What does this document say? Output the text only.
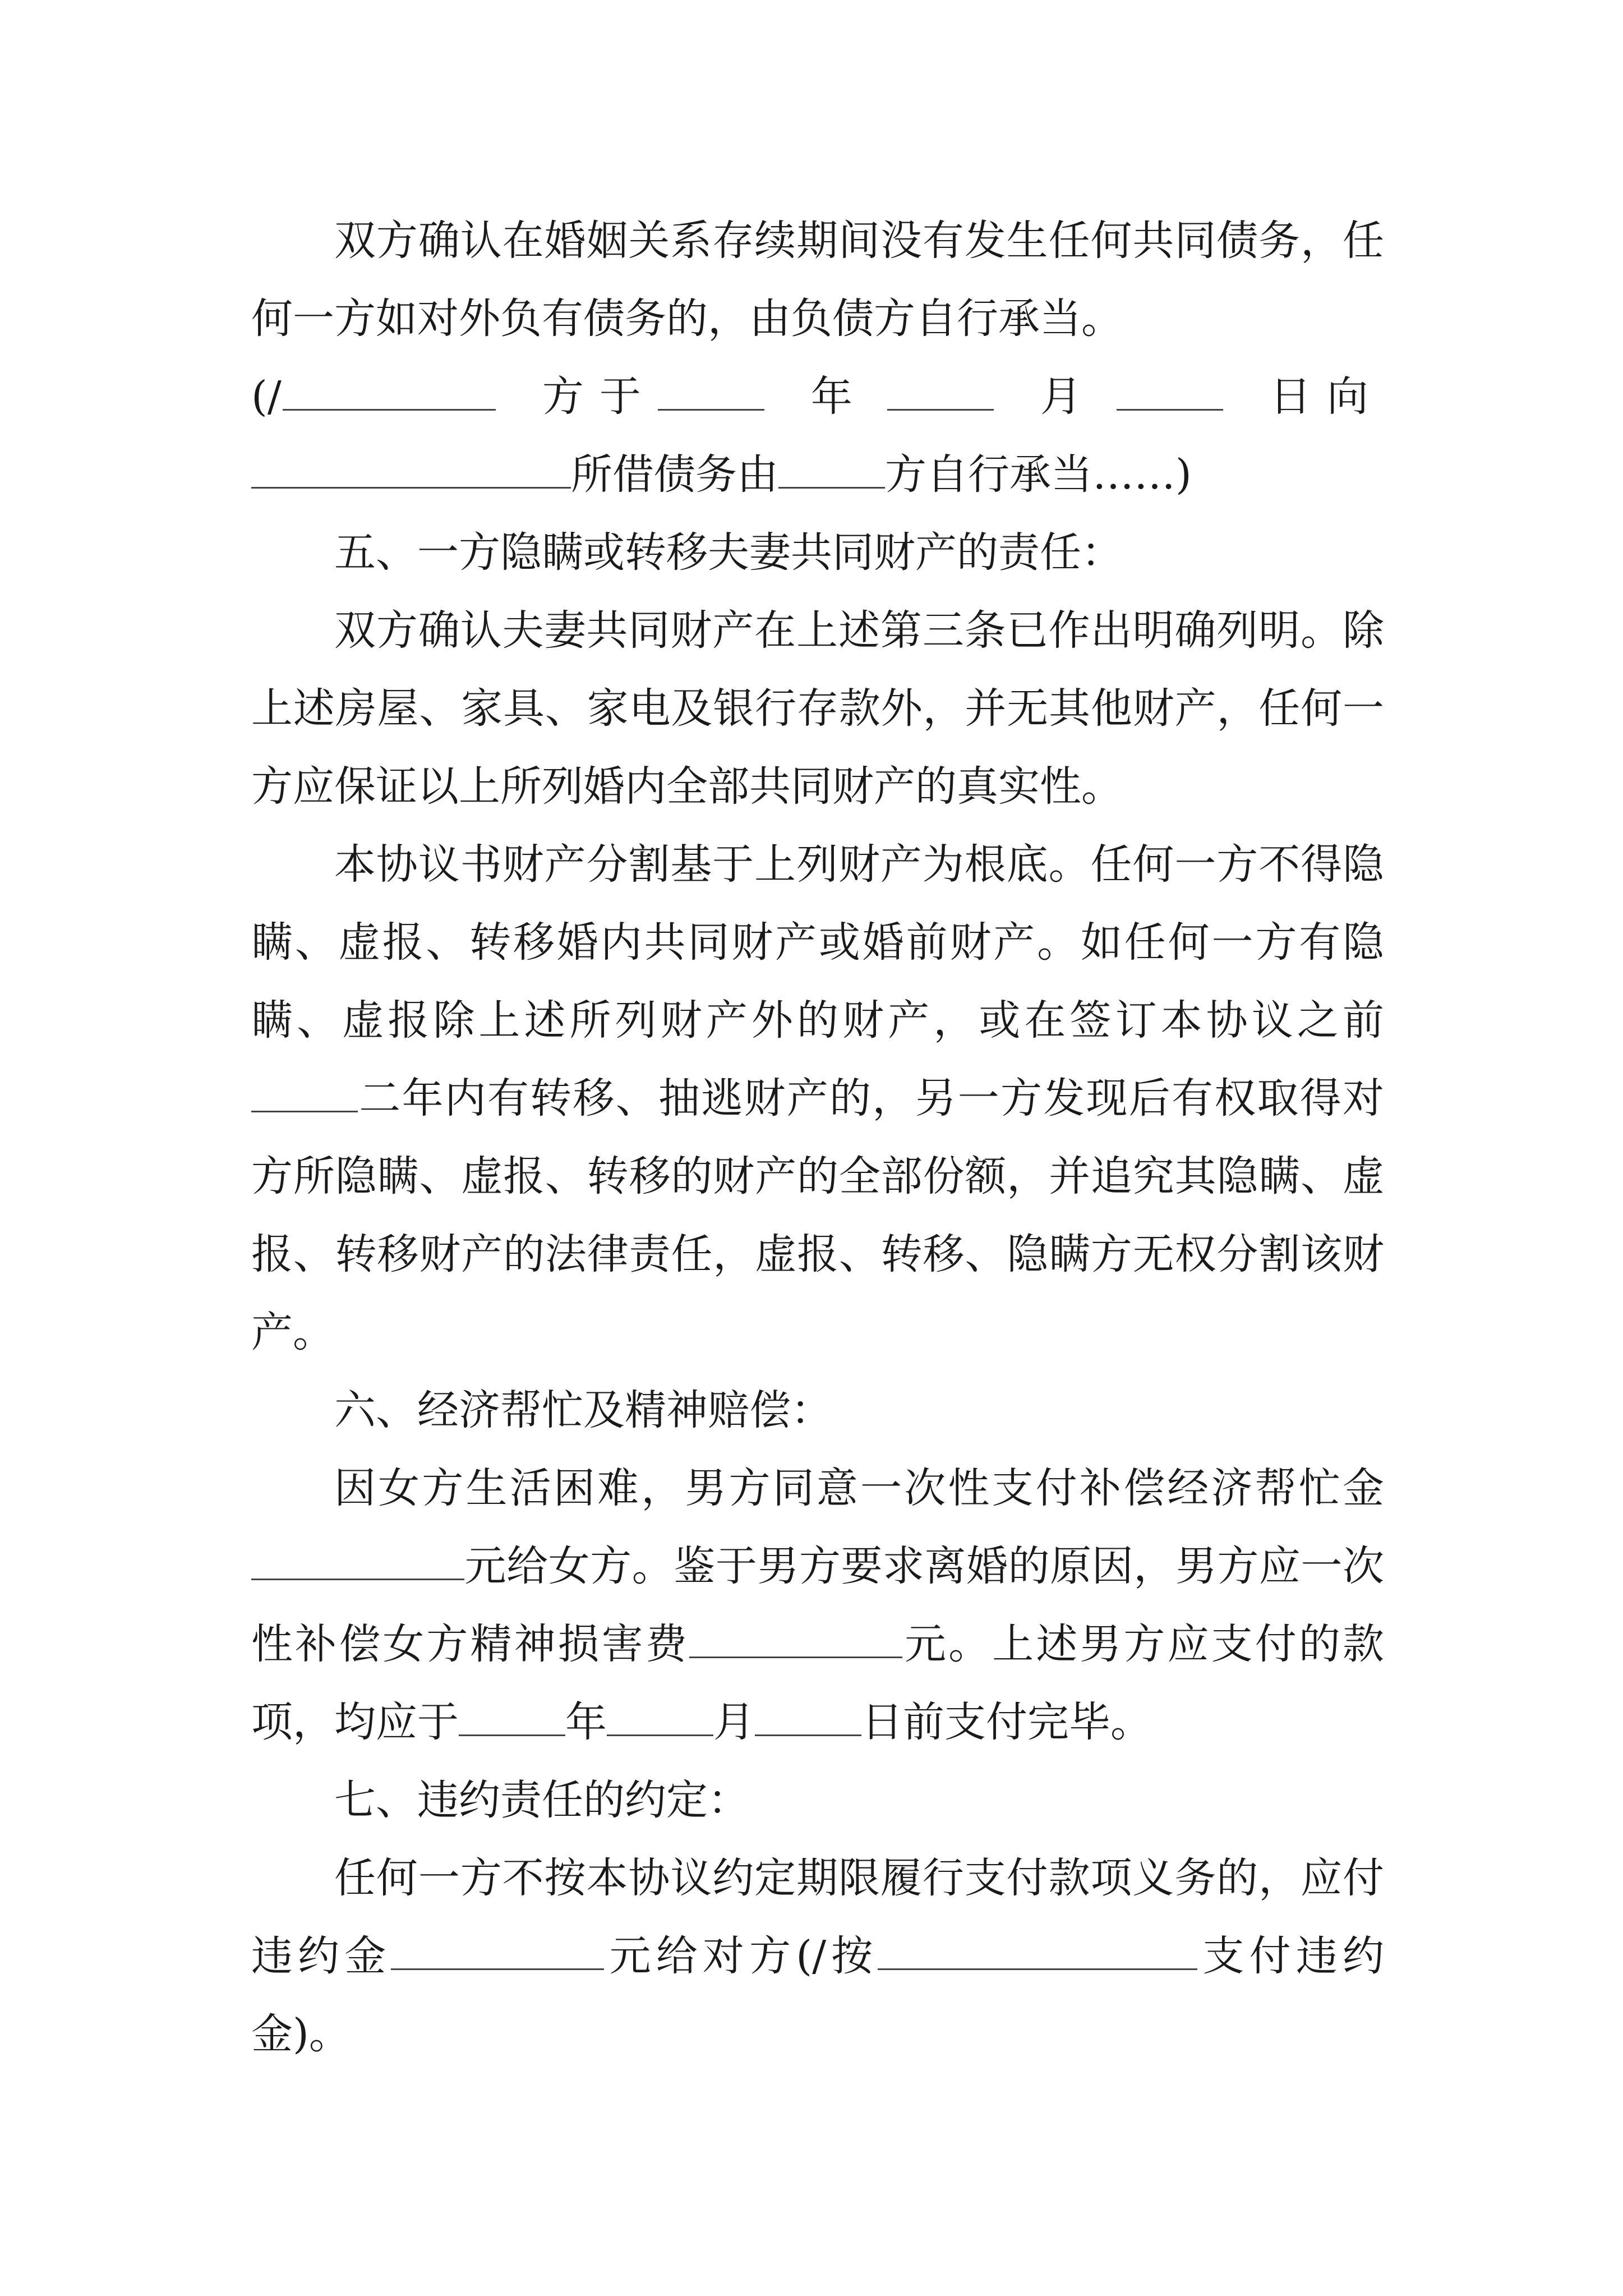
双方确认在婚姻关系存续期间没有发生任何共同债务，任何一方如对外负有债务的，由负债方自行承当。

(/	方于	年	月	日向

所借债务由	方自行承当……)

五、一方隐瞒或转移夫妻共同财产的责任：

双方确认夫妻共同财产在上述第三条已作出明确列明。除上述房屋、家具、家电及银行存款外，并无其他财产，任何一方应保证以上所列婚内全部共同财产的真实性。

本协议书财产分割基于上列财产为根底。任何一方不得隐瞒、虚报、转移婚内共同财产或婚前财产。如任何一方有隐瞒、虚报除上述所列财产外的财产，或在签订本协议之前二年内有转移、抽逃财产的，另一方发现后有权取得对方所隐瞒、虚报、转移的财产的全部份额，并追究其隐瞒、虚报、转移财产的法律责任，虚报、转移、隐瞒方无权分割该财产。

六、经济帮忙及精神赔偿：

因女方生活困难，男方同意一次性支付补偿经济帮忙金元给女方。鉴于男方要求离婚的原因，男方应一次性补偿女方精神损害费	元。上述男方应支付的款项，均应于	年	月	日前支付完毕。

七、违约责任的约定：

任何一方不按本协议约定期限履行支付款项义务的，应付违约金	元给对方(/按	支付违约金)。
